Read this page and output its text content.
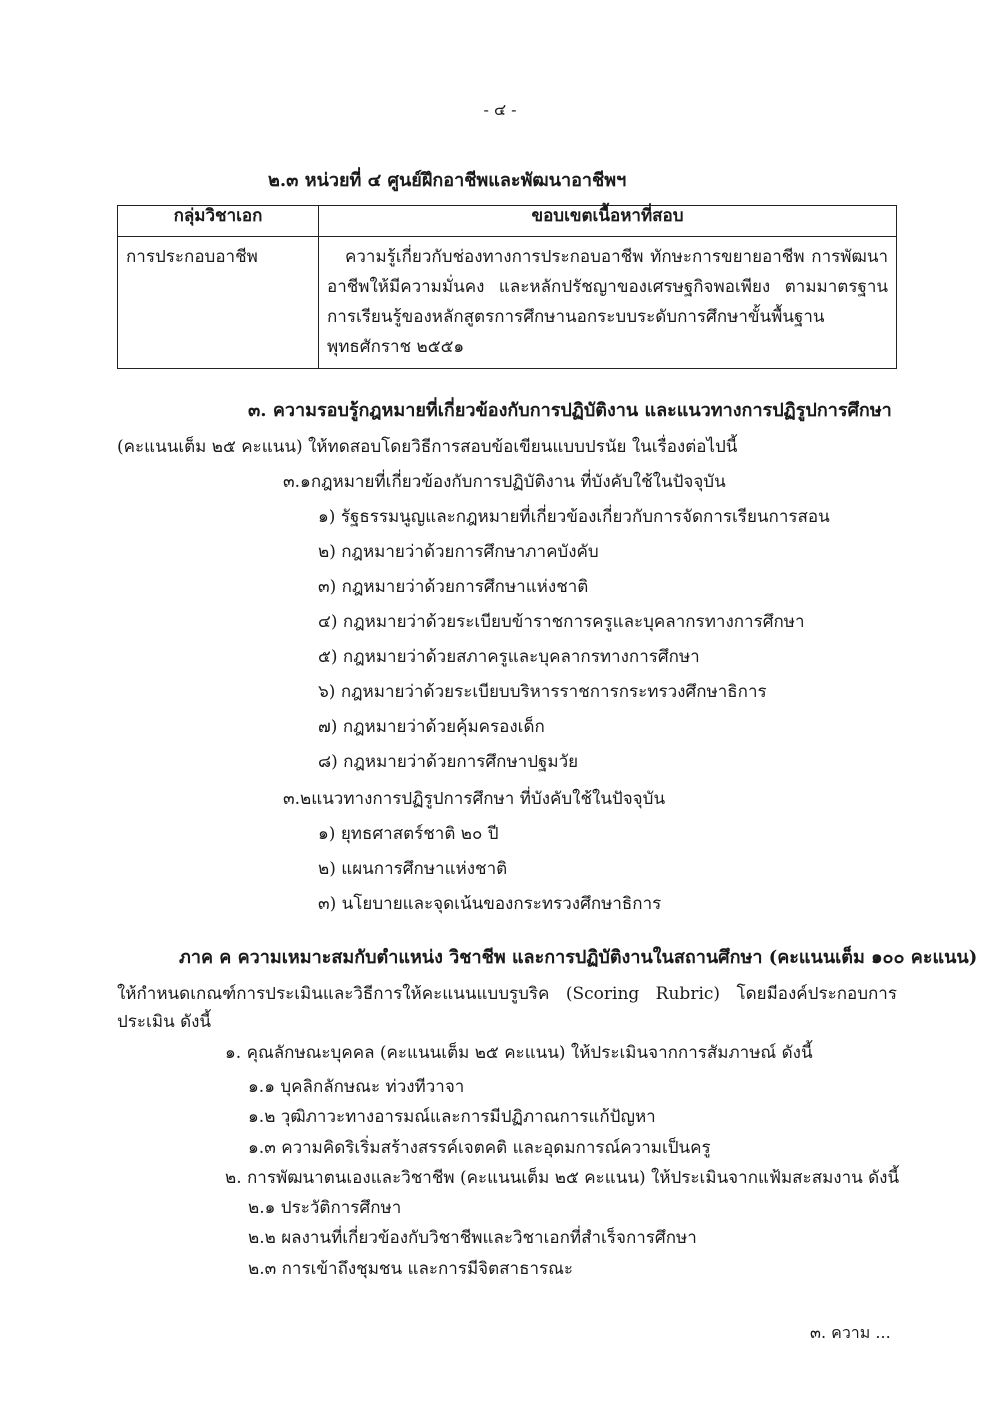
- ๔ -
๒.๓ หน่วยที่ ๔ ศูนย์ฝึกอาชีพและพัฒนาอาชีพฯ
กลุ่มวิชาเอก	ขอบเขตเนื้อหาที่สอบ
การประกอบอาชีพ	ความรู้เกี่ยวกับช่องทางการประกอบอาชีพ ทักษะการขยายอาชีพ การพัฒนาอาชีพให้มีความมั่นคง และหลักปรัชญาของเศรษฐกิจพอเพียง ตามมาตรฐานการเรียนรู้ของหลักสูตรการศึกษานอกระบบระดับการศึกษาขั้นพื้นฐาน พุทธศักราช ๒๕๕๑
๓. ความรอบรู้กฎหมายที่เกี่ยวข้องกับการปฏิบัติงาน และแนวทางการปฏิรูปการศึกษา
(คะแนนเต็ม ๒๕ คะแนน) ให้ทดสอบโดยวิธีการสอบข้อเขียนแบบปรนัย ในเรื่องต่อไปนี้
๓.๑กฎหมายที่เกี่ยวข้องกับการปฏิบัติงาน ที่บังคับใช้ในปัจจุบัน
๑) รัฐธรรมนูญและกฎหมายที่เกี่ยวข้องเกี่ยวกับการจัดการเรียนการสอน
๒) กฎหมายว่าด้วยการศึกษาภาคบังคับ
๓) กฎหมายว่าด้วยการศึกษาแห่งชาติ
๔) กฎหมายว่าด้วยระเบียบข้าราชการครูและบุคลากรทางการศึกษา
๕) กฎหมายว่าด้วยสภาครูและบุคลากรทางการศึกษา
๖) กฎหมายว่าด้วยระเบียบบริหารราชการกระทรวงศึกษาธิการ
๗) กฎหมายว่าด้วยคุ้มครองเด็ก
๘) กฎหมายว่าด้วยการศึกษาปฐมวัย
๓.๒แนวทางการปฏิรูปการศึกษา ที่บังคับใช้ในปัจจุบัน
๑) ยุทธศาสตร์ชาติ ๒๐ ปี
๒) แผนการศึกษาแห่งชาติ
๓) นโยบายและจุดเน้นของกระทรวงศึกษาธิการ
ภาค ค ความเหมาะสมกับตำแหน่ง วิชาชีพ และการปฏิบัติงานในสถานศึกษา (คะแนนเต็ม ๑๐๐ คะแนน)
ให้กำหนดเกณฑ์การประเมินและวิธีการให้คะแนนแบบรูบริค (Scoring Rubric) โดยมีองค์ประกอบการประเมิน ดังนี้
๑. คุณลักษณะบุคคล (คะแนนเต็ม ๒๕ คะแนน) ให้ประเมินจากการสัมภาษณ์ ดังนี้
๑.๑ บุคลิกลักษณะ ท่วงทีวาจา
๑.๒ วุฒิภาวะทางอารมณ์และการมีปฏิภาณการแก้ปัญหา
๑.๓ ความคิดริเริ่มสร้างสรรค์เจตคติ และอุดมการณ์ความเป็นครู
๒. การพัฒนาตนเองและวิชาชีพ (คะแนนเต็ม ๒๕ คะแนน) ให้ประเมินจากแฟ้มสะสมงาน ดังนี้
๒.๑ ประวัติการศึกษา
๒.๒ ผลงานที่เกี่ยวข้องกับวิชาชีพและวิชาเอกที่สำเร็จการศึกษา
๒.๓ การเข้าถึงชุมชน และการมีจิตสาธารณะ
๓. ความ ...
